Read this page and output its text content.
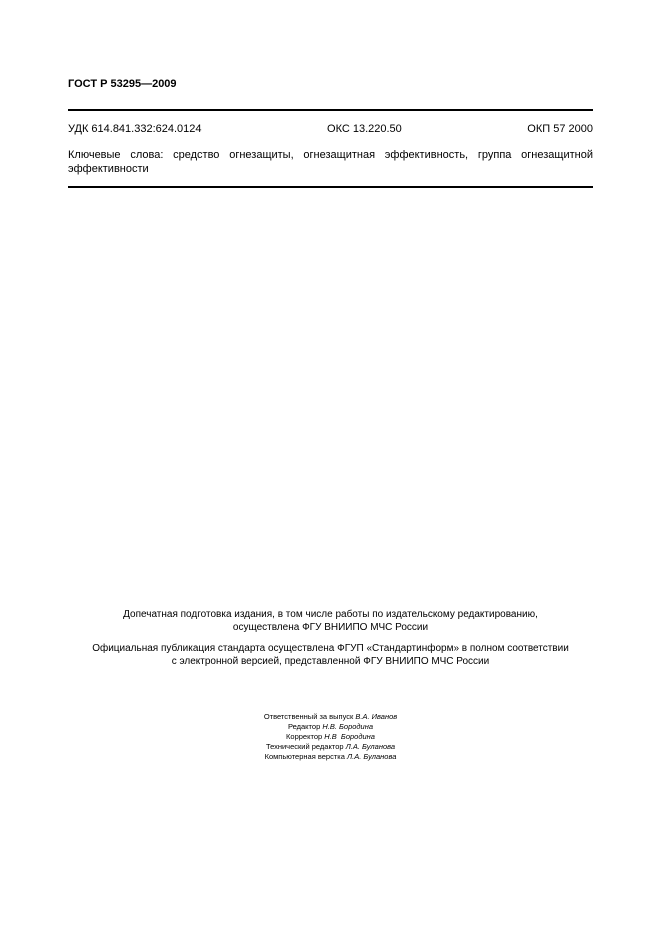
ГОСТ Р 53295—2009
УДК 614.841.332:624.0124	ОКС 13.220.50	ОКП 57 2000
Ключевые слова: средство огнезащиты, огнезащитная эффективность, группа огнезащитной эффективности
Допечатная подготовка издания, в том числе работы по издательскому редактированию,
осуществлена ФГУ ВНИИПО МЧС России
Официальная публикация стандарта осуществлена ФГУП «Стандартинформ» в полном соответствии
с электронной версией, представленной ФГУ ВНИИПО МЧС России
Ответственный за выпуск В.А. Иванов
Редактор Н.В. Бородина
Корректор Н.В  Бородина
Технический редактор Л.А. Буланова
Компьютерная верстка Л.А. Буланова
